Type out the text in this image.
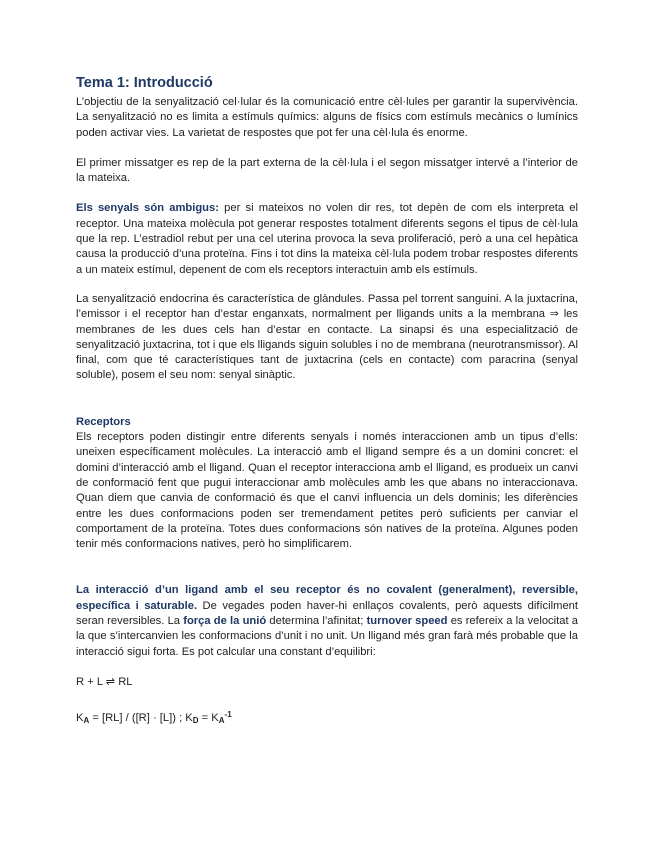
Tema 1: Introducció

L’objectiu de la senyalització cel·lular és la comunicació entre cèl·lules per garantir la supervivència. La senyalització no es limita a estímuls químics: alguns de físics com estímuls mecànics o lumínics poden activar vies. La varietat de respostes que pot fer una cèl·lula és enorme.

El primer missatger es rep de la part externa de la cèl·lula i el segon missatger intervé a l’interior de la mateixa.

Els senyals són ambigus: per si mateixos no volen dir res, tot depèn de com els interpreta el receptor. Una mateixa molècula pot generar respostes totalment diferents segons el tipus de cèl·lula que la rep. L’estradiol rebut per una cel uterina provoca la seva proliferació, però a una cel hepàtica causa la producció d’una proteïna. Fins i tot dins la mateixa cèl·lula podem trobar respostes diferents a un mateix estímul, depenent de com els receptors interactuin amb els estímuls.

La senyalització endocrina és característica de glàndules. Passa pel torrent sanguini. A la juxtacrina, l’emissor i el receptor han d’estar enganxats, normalment per lligands units a la membrana ⇒ les membranes de les dues cels han d’estar en contacte. La sinapsi és una especialització de senyalització juxtacrina, tot i que els lligands siguin solubles i no de membrana (neurotransmissor). Al final, com que té característiques tant de juxtacrina (cels en contacte) com paracrina (senyal soluble), posem el seu nom: senyal sinàptic.

Receptors

Els receptors poden distingir entre diferents senyals i només interaccionen amb un tipus d’ells: uneixen específicament molècules. La interacció amb el lligand sempre és a un domini concret: el domini d’interacció amb el lligand. Quan el receptor interacciona amb el lligand, es produeix un canvi de conformació fent que pugui interaccionar amb molècules amb les que abans no interaccionava. Quan diem que canvia de conformació és que el canvi influencia un dels dominis; les diferències entre les dues conformacions poden ser tremendament petites però suficients per canviar el comportament de la proteïna. Totes dues conformacions són natives de la proteïna. Algunes poden tenir més conformacions natives, però ho simplificarem.

La interacció d’un ligand amb el seu receptor és no covalent (generalment), reversible, específica i saturable. De vegades poden haver-hi enllaços covalents, però aquests difícilment seran reversibles. La força de la unió determina l’afinitat; turnover speed es refereix a la velocitat a la que s’intercanvien les conformacions d’unit i no unit. Un lligand més gran farà més probable que la interacció sigui forta. Es pot calcular una constant d’equilibri:

R + L ⇌ RL

$K_A = [RL] / ([R] \cdot [L])$ ; $K_D = K_A^{-1}$
